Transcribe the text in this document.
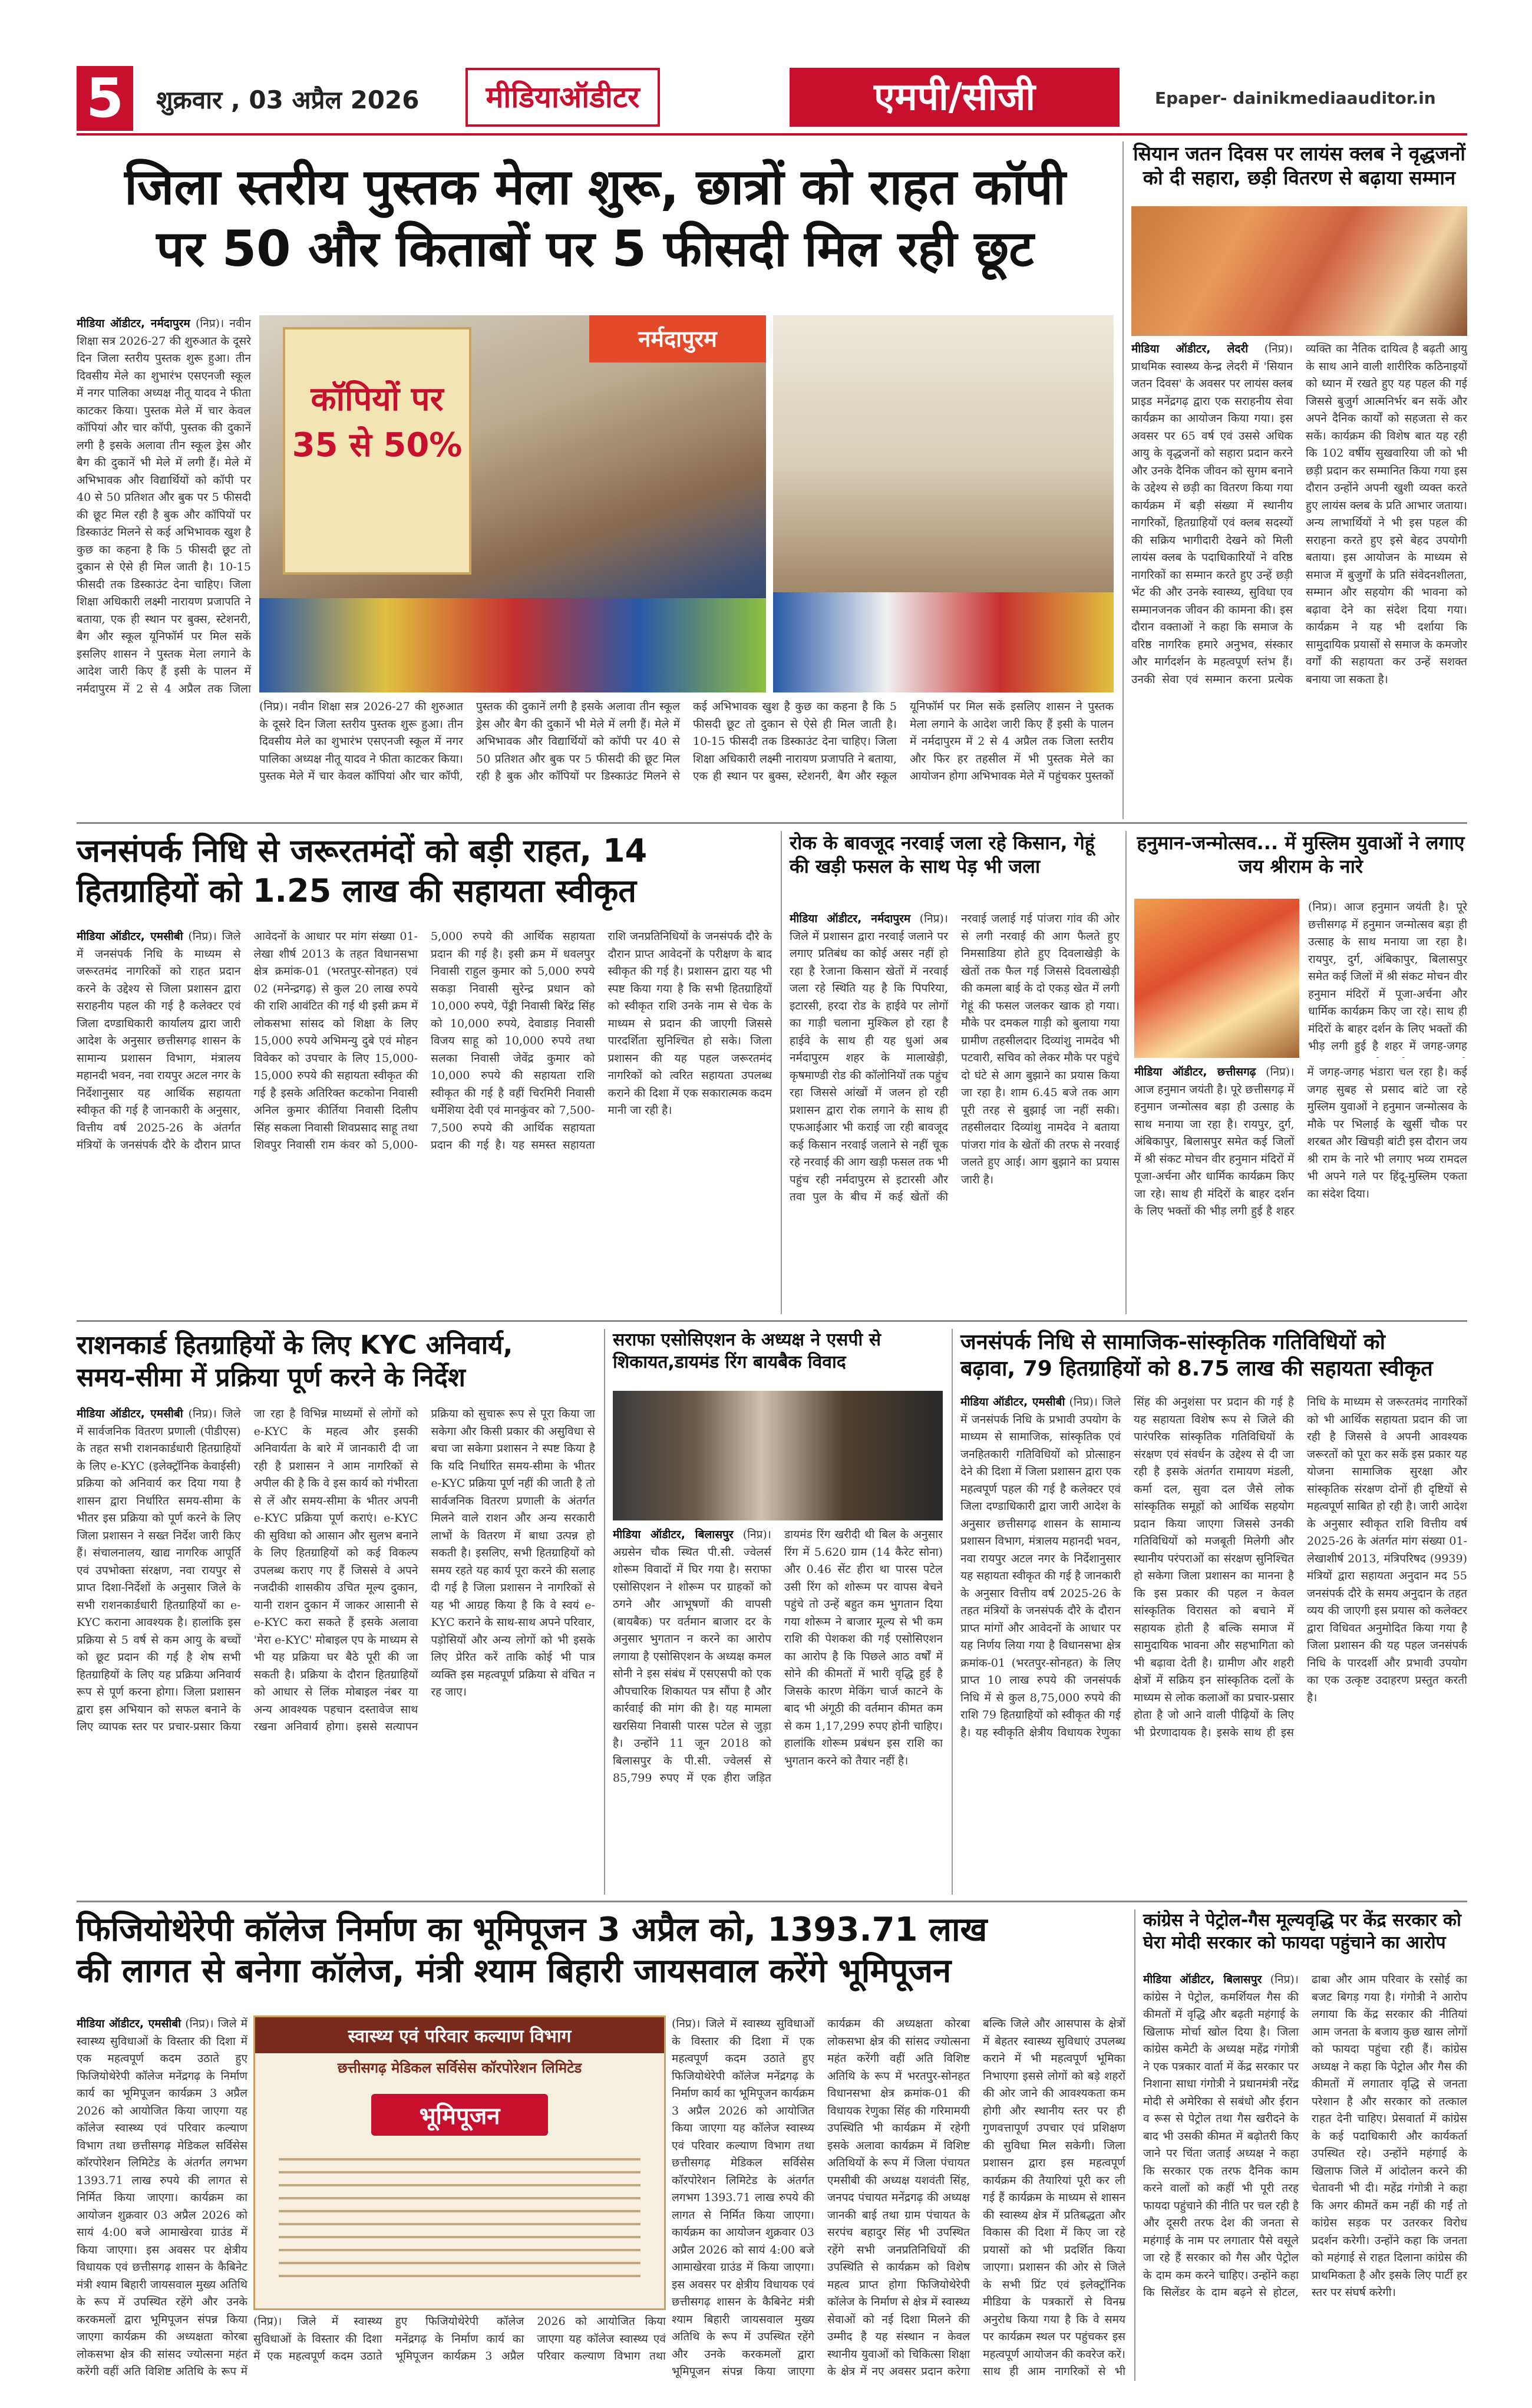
5	शुक्रवार , 03 अप्रैल 2026	मीडियाऑडीटर	एमपी/सीजी	Epaper- dainikmediaauditor.in
जिला स्तरीय पुस्तक मेला शुरू, छात्रों को राहत कॉपी
पर 50 और किताबों पर 5 फीसदी मिल रही छूट
कॉपियों पर 35 से 50%
नर्मदापुरम
मीडिया ऑडीटर, नर्मदापुरम (निप्र)। नवीन शिक्षा सत्र 2026-27 की शुरुआत के दूसरे दिन जिला स्तरीय पुस्तक शुरू हुआ। तीन दिवसीय मेले का शुभारंभ एसएनजी स्कूल में नगर पालिका अध्यक्ष नीतू यादव ने फीता काटकर किया। पुस्तक मेले में चार केवल कॉपियां और चार कॉपी, पुस्तक की दुकानें लगी है इसके अलावा तीन स्कूल ड्रेस और बैग की दुकानें भी मेले में लगी हैं। मेले में अभिभावक और विद्यार्थियों को कॉपी पर 40 से 50 प्रतिशत और बुक पर 5 फीसदी की छूट मिल रही है बुक और कॉपियों पर डिस्काउंट मिलने से कई अभिभावक खुश है कुछ का कहना है कि 5 फीसदी छूट तो दुकान से ऐसे ही मिल जाती है। 10-15 फीसदी तक डिस्काउंट देना चाहिए। जिला शिक्षा अधिकारी लक्ष्मी नारायण प्रजापति ने बताया, एक ही स्थान पर बुक्स, स्टेशनरी, बैग और स्कूल यूनिफॉर्म पर मिल सकें इसलिए शासन ने पुस्तक मेला लगाने के आदेश जारी किए हैं इसी के पालन में नर्मदापुरम में 2 से 4 अप्रैल तक जिला
(निप्र)। नवीन शिक्षा सत्र 2026-27 की शुरुआत के दूसरे दिन जिला स्तरीय पुस्तक शुरू हुआ। तीन दिवसीय मेले का शुभारंभ एसएनजी स्कूल में नगर पालिका अध्यक्ष नीतू यादव ने फीता काटकर किया। पुस्तक मेले में चार केवल कॉपियां और चार कॉपी, पुस्तक की दुकानें लगी है इसके अलावा तीन स्कूल ड्रेस और बैग की दुकानें भी मेले में लगी हैं। मेले में अभिभावक और विद्यार्थियों को कॉपी पर 40 से 50 प्रतिशत और बुक पर 5 फीसदी की छूट मिल रही है बुक और कॉपियों पर डिस्काउंट मिलने से कई अभिभावक खुश है कुछ का कहना है कि 5 फीसदी छूट तो दुकान से ऐसे ही मिल जाती है। 10-15 फीसदी तक डिस्काउंट देना चाहिए। जिला शिक्षा अधिकारी लक्ष्मी नारायण प्रजापति ने बताया, एक ही स्थान पर बुक्स, स्टेशनरी, बैग और स्कूल यूनिफॉर्म पर मिल सकें इसलिए शासन ने पुस्तक मेला लगाने के आदेश जारी किए हैं इसी के पालन में नर्मदापुरम में 2 से 4 अप्रैल तक जिला स्तरीय और फिर हर तहसील में भी पुस्तक मेले का आयोजन होगा अभिभावक मेले में पहुंचकर पुस्तकों
सियान जतन दिवस पर लायंस क्लब ने वृद्धजनों को दी सहारा, छड़ी वितरण से बढ़ाया सम्मान
मीडिया ऑडीटर, लेदरी (निप्र)। प्राथमिक स्वास्थ्य केन्द्र लेदरी में 'सियान जतन दिवस' के अवसर पर लायंस क्लब प्राइड मनेंद्रगढ़ द्वारा एक सराहनीय सेवा कार्यक्रम का आयोजन किया गया। इस अवसर पर 65 वर्ष एवं उससे अधिक आयु के वृद्धजनों को सहारा प्रदान करने और उनके दैनिक जीवन को सुगम बनाने के उद्देश्य से छड़ी का वितरण किया गया कार्यक्रम में बड़ी संख्या में स्थानीय नागरिकों, हितग्राहियों एवं क्लब सदस्यों की सक्रिय भागीदारी देखने को मिली लायंस क्लब के पदाधिकारियों ने वरिष्ठ नागरिकों का सम्मान करते हुए उन्हें छड़ी भेंट की और उनके स्वास्थ्य, सुविधा एव सम्मानजनक जीवन की कामना की। इस दौरान वक्ताओं ने कहा कि समाज के वरिष्ठ नागरिक हमारे अनुभव, संस्कार और मार्गदर्शन के महत्वपूर्ण स्तंभ हैं। उनकी सेवा एवं सम्मान करना प्रत्येक व्यक्ति का नैतिक दायित्व है बढ़ती आयु के साथ आने वाली शारीरिक कठिनाइयों को ध्यान में रखते हुए यह पहल की गई जिससे बुजुर्ग आत्मनिर्भर बन सकें और अपने दैनिक कार्यों को सहजता से कर सकें। कार्यक्रम की विशेष बात यह रही कि 102 वर्षीय सुखवारिया जी को भी छड़ी प्रदान कर सम्मानित किया गया इस दौरान उन्होंने अपनी खुशी व्यक्त करते हुए लायंस क्लब के प्रति आभार जताया। अन्य लाभार्थियों ने भी इस पहल की सराहना करते हुए इसे बेहद उपयोगी बताया। इस आयोजन के माध्यम से समाज में बुजुर्गों के प्रति संवेदनशीलता, सम्मान और सहयोग की भावना को बढ़ावा देने का संदेश दिया गया। कार्यक्रम ने यह भी दर्शाया कि सामुदायिक प्रयासों से समाज के कमजोर वर्गों की सहायता कर उन्हें सशक्त बनाया जा सकता है।
जनसंपर्क निधि से जरूरतमंदों को बड़ी राहत, 14
हितग्राहियों को 1.25 लाख की सहायता स्वीकृत
मीडिया ऑडीटर, एमसीबी (निप्र)। जिले में जनसंपर्क निधि के माध्यम से जरूरतमंद नागरिकों को राहत प्रदान करने के उद्देश्य से जिला प्रशासन द्वारा सराहनीय पहल की गई है कलेक्टर एवं जिला दण्डाधिकारी कार्यालय द्वारा जारी आदेश के अनुसार छत्तीसगढ़ शासन के सामान्य प्रशासन विभाग, मंत्रालय महानदी भवन, नवा रायपुर अटल नगर के निर्देशानुसार यह आर्थिक सहायता स्वीकृत की गई है जानकारी के अनुसार, वित्तीय वर्ष 2025-26 के अंतर्गत मंत्रियों के जनसंपर्क दौरे के दौरान प्राप्त आवेदनों के आधार पर मांग संख्या 01- लेखा शीर्ष 2013 के तहत विधानसभा क्षेत्र क्रमांक-01 (भरतपुर-सोनहत) एवं 02 (मनेन्द्रगढ़) से कुल 20 लाख रुपये की राशि आवंटित की गई थी इसी क्रम में लोकसभा सांसद को शिक्षा के लिए 15,000 रुपये अभिमन्यु दुबे एवं मोहन विवेकर को उपचार के लिए 15,000-15,000 रुपये की सहायता स्वीकृत की गई है इसके अतिरिक्त कटकोना निवासी अनिल कुमार कीर्तिया निवासी दिलीप सिंह सकला निवासी शिवप्रसाद साहू तथा शिवपुर निवासी राम कंवर को 5,000-5,000 रुपये की आर्थिक सहायता प्रदान की गई है। इसी क्रम में धवलपुर निवासी राहुल कुमार को 5,000 रुपये सकड़ा निवासी सुरेन्द्र प्रधान को 10,000 रुपये, पेंड्री निवासी बिरेंद्र सिंह को 10,000 रुपये, देवाडाड़ निवासी विजय साहू को 10,000 रुपये तथा सलका निवासी जेवेंद्र कुमार को 10,000 रुपये की सहायता राशि स्वीकृत की गई है वहीं चिरमिरी निवासी धर्मेशिया देवी एवं मानकुंवर को 7,500-7,500 रुपये की आर्थिक सहायता प्रदान की गई है। यह समस्त सहायता राशि जनप्रतिनिधियों के जनसंपर्क दौरे के दौरान प्राप्त आवेदनों के परीक्षण के बाद स्वीकृत की गई है। प्रशासन द्वारा यह भी स्पष्ट किया गया है कि सभी हितग्राहियों को स्वीकृत राशि उनके नाम से चेक के माध्यम से प्रदान की जाएगी जिससे पारदर्शिता सुनिश्चित हो सके। जिला प्रशासन की यह पहल जरूरतमंद नागरिकों को त्वरित सहायता उपलब्ध कराने की दिशा में एक सकारात्मक कदम मानी जा रही है।
रोक के बावजूद नरवाई जला रहे किसान, गेहूं की खड़ी फसल के साथ पेड़ भी जला
मीडिया ऑडीटर, नर्मदापुरम (निप्र)। जिले में प्रशासन द्वारा नरवाई जलाने पर लगाए प्रतिबंध का कोई असर नहीं हो रहा है रेजाना किसान खेतों में नरवाई जला रहे स्थिति यह है कि पिपरिया, इटारसी, हरदा रोड के हाईवे पर लोगों का गाड़ी चलाना मुश्किल हो रहा है हाईवे के साथ ही यह धुआं अब नर्मदापुरम शहर के मालाखेड़ी, कृषमाण्डी रोड की कॉलोनियों तक पहुंच रहा जिससे आंखों में जलन हो रही प्रशासन द्वारा रोक लगाने के साथ ही एफआईआर भी कराई जा रही बावजूद कई किसान नरवाई जलाने से नहीं चूक रहे नरवाई की आग खड़ी फसल तक भी पहुंच रही नर्मदापुरम से इटारसी और तवा पुल के बीच में कई खेतों की नरवाई जलाई गई पांजरा गांव की ओर से लगी नरवाई की आग फैलते हुए निमसाडिया होते हुए दिवलाखेड़ी के खेतों तक फैल गई जिससे दिवलाखेड़ी की कमला बाई के दो एकड़ खेत में लगी गेहूं की फसल जलकर खाक हो गया। मौके पर दमकल गाड़ी को बुलाया गया ग्रामीण तहसीलदार दिव्यांशु नामदेव भी पटवारी, सचिव को लेकर मौके पर पहुंचे दो घंटे से आग बुझाने का प्रयास किया जा रहा है। शाम 6.45 बजे तक आग पूरी तरह से बुझाई जा नहीं सकी। तहसीलदार दिव्यांशु नामदेव ने बताया पांजरा गांव के खेतों की तरफ से नरवाई जलते हुए आई। आग बुझाने का प्रयास जारी है।
हनुमान-जन्मोत्सव... में मुस्लिम युवाओं ने लगाए जय श्रीराम के नारे
(निप्र)। आज हनुमान जयंती है। पूरे छत्तीसगढ़ में हनुमान जन्मोत्सव बड़ा ही उत्साह के साथ मनाया जा रहा है। रायपुर, दुर्ग, अंबिकापुर, बिलासपुर समेत कई जिलों में श्री संकट मोचन वीर हनुमान मंदिरों में पूजा-अर्चना और धार्मिक कार्यक्रम किए जा रहे। साथ ही मंदिरों के बाहर दर्शन के लिए भक्तों की भीड़ लगी हुई है शहर में जगह-जगह
मीडिया ऑडीटर, छत्तीसगढ़ (निप्र)। आज हनुमान जयंती है। पूरे छत्तीसगढ़ में हनुमान जन्मोत्सव बड़ा ही उत्साह के साथ मनाया जा रहा है। रायपुर, दुर्ग, अंबिकापुर, बिलासपुर समेत कई जिलों में श्री संकट मोचन वीर हनुमान मंदिरों में पूजा-अर्चना और धार्मिक कार्यक्रम किए जा रहे। साथ ही मंदिरों के बाहर दर्शन के लिए भक्तों की भीड़ लगी हुई है शहर में जगह-जगह भंडारा चल रहा है। कई जगह सुबह से प्रसाद बांटे जा रहे मुस्लिम युवाओं ने हनुमान जन्मोत्सव के मौके पर भिलाई के खुर्सी चौक पर शरबत और खिचड़ी बांटी इस दौरान जय श्री राम के नारे भी लगाए भव्य रामदल भी अपने गले पर हिंदू-मुस्लिम एकता का संदेश दिया।
राशनकार्ड हितग्राहियों के लिए KYC अनिवार्य,
समय-सीमा में प्रक्रिया पूर्ण करने के निर्देश
मीडिया ऑडीटर, एमसीबी (निप्र)। जिले में सार्वजनिक वितरण प्रणाली (पीडीएस) के तहत सभी राशनकार्डधारी हितग्राहियों के लिए e-KYC (इलेक्ट्रॉनिक केवाईसी) प्रक्रिया को अनिवार्य कर दिया गया है शासन द्वारा निर्धारित समय-सीमा के भीतर इस प्रक्रिया को पूर्ण करने के लिए जिला प्रशासन ने सख्त निर्देश जारी किए हैं। संचालनालय, खाद्य नागरिक आपूर्ति एवं उपभोक्ता संरक्षण, नवा रायपुर से प्राप्त दिशा-निर्देशों के अनुसार जिले के सभी राशनकार्डधारी हितग्राहियों का e-KYC कराना आवश्यक है। हालांकि इस प्रक्रिया से 5 वर्ष से कम आयु के बच्चों को छूट प्रदान की गई है शेष सभी हितग्राहियों के लिए यह प्रक्रिया अनिवार्य रूप से पूर्ण करना होगा। जिला प्रशासन द्वारा इस अभियान को सफल बनाने के लिए व्यापक स्तर पर प्रचार-प्रसार किया जा रहा है विभिन्न माध्यमों से लोगों को e-KYC के महत्व और इसकी अनिवार्यता के बारे में जानकारी दी जा रही है प्रशासन ने आम नागरिकों से अपील की है कि वे इस कार्य को गंभीरता से लें और समय-सीमा के भीतर अपनी e-KYC प्रक्रिया पूर्ण कराएं। e-KYC की सुविधा को आसान और सुलभ बनाने के लिए हितग्राहियों को कई विकल्प उपलब्ध कराए गए हैं जिससे वे अपने नजदीकी शासकीय उचित मूल्य दुकान, यानी राशन दुकान में जाकर आसानी से e-KYC करा सकते हैं इसके अलावा 'मेरा e-KYC' मोबाइल एप के माध्यम से भी यह प्रक्रिया घर बैठे पूरी की जा सकती है। प्रक्रिया के दौरान हितग्राहियों को आधार से लिंक मोबाइल नंबर या अन्य आवश्यक पहचान दस्तावेज साथ रखना अनिवार्य होगा। इससे सत्यापन प्रक्रिया को सुचारू रूप से पूरा किया जा सकेगा और किसी प्रकार की असुविधा से बचा जा सकेगा प्रशासन ने स्पष्ट किया है कि यदि निर्धारित समय-सीमा के भीतर e-KYC प्रक्रिया पूर्ण नहीं की जाती है तो सार्वजनिक वितरण प्रणाली के अंतर्गत मिलने वाले राशन और अन्य सरकारी लाभों के वितरण में बाधा उत्पन्न हो सकती है। इसलिए, सभी हितग्राहियों को समय रहते यह कार्य पूरा करने की सलाह दी गई है जिला प्रशासन ने नागरिकों से यह भी आग्रह किया है कि वे स्वयं e-KYC कराने के साथ-साथ अपने परिवार, पड़ोसियों और अन्य लोगों को भी इसके लिए प्रेरित करें ताकि कोई भी पात्र व्यक्ति इस महत्वपूर्ण प्रक्रिया से वंचित न रह जाए।
सराफा एसोसिएशन के अध्यक्ष ने एसपी से शिकायत,डायमंड रिंग बायबैक विवाद
मीडिया ऑडीटर, बिलासपुर (निप्र)। अग्रसेन चौक स्थित पी.सी. ज्वेलर्स शोरूम विवादों में घिर गया है। सराफा एसोसिएशन ने शोरूम पर ग्राहकों को ठगने और आभूषणों की वापसी (बायबैक) पर वर्तमान बाजार दर के अनुसार भुगतान न करने का आरोप लगाया है एसोसिएशन के अध्यक्ष कमल सोनी ने इस संबंध में एसएसपी को एक औपचारिक शिकायत पत्र सौंपा है और कार्रवाई की मांग की है। यह मामला खरसिया निवासी पारस पटेल से जुड़ा है। उन्होंने 11 जून 2018 को बिलासपुर के पी.सी. ज्वेलर्स से 85,799 रुपए में एक हीरा जड़ित डायमंड रिंग खरीदी थी बिल के अनुसार रिंग में 5.620 ग्राम (14 कैरेट सोना) और 0.46 सेंट हीरा था पारस पटेल उसी रिंग को शोरूम पर वापस बेचने पहुंचे तो उन्हें बहुत कम भुगतान दिया गया शोरूम ने बाजार मूल्य से भी कम राशि की पेशकश की गई एसोसिएशन का आरोप है कि पिछले आठ वर्षों में सोने की कीमतों में भारी वृद्धि हुई है जिसके कारण मेकिंग चार्ज काटने के बाद भी अंगूठी की वर्तमान कीमत कम से कम 1,17,299 रुपए होनी चाहिए। हालांकि शोरूम प्रबंधन इस राशि का भुगतान करने को तैयार नहीं है।
जनसंपर्क निधि से सामाजिक-सांस्कृतिक गतिविधियों को
बढ़ावा, 79 हितग्राहियों को 8.75 लाख की सहायता स्वीकृत
मीडिया ऑडीटर, एमसीबी (निप्र)। जिले में जनसंपर्क निधि के प्रभावी उपयोग के माध्यम से सामाजिक, सांस्कृतिक एवं जनहितकारी गतिविधियों को प्रोत्साहन देने की दिशा में जिला प्रशासन द्वारा एक महत्वपूर्ण पहल की गई है कलेक्टर एवं जिला दण्डाधिकारी द्वारा जारी आदेश के अनुसार छत्तीसगढ़ शासन के सामान्य प्रशासन विभाग, मंत्रालय महानदी भवन, नवा रायपुर अटल नगर के निर्देशानुसार यह सहायता स्वीकृत की गई है जानकारी के अनुसार वित्तीय वर्ष 2025-26 के तहत मंत्रियों के जनसंपर्क दौरे के दौरान प्राप्त मांगों और आवेदनों के आधार पर यह निर्णय लिया गया है विधानसभा क्षेत्र क्रमांक-01 (भरतपुर-सोनहत) के लिए प्राप्त 10 लाख रुपये की जनसंपर्क निधि में से कुल 8,75,000 रुपये की राशि 79 हितग्राहियों को स्वीकृत की गई है। यह स्वीकृति क्षेत्रीय विधायक रेणुका सिंह की अनुशंसा पर प्रदान की गई है यह सहायता विशेष रूप से जिले की पारंपरिक सांस्कृतिक गतिविधियों के संरक्षण एवं संवर्धन के उद्देश्य से दी जा रही है इसके अंतर्गत रामायण मंडली, कर्मा दल, सुवा दल जैसे लोक सांस्कृतिक समूहों को आर्थिक सहयोग प्रदान किया जाएगा जिससे उनकी गतिविधियों को मजबूती मिलेगी और स्थानीय परंपराओं का संरक्षण सुनिश्चित हो सकेगा जिला प्रशासन का मानना है कि इस प्रकार की पहल न केवल सांस्कृतिक विरासत को बचाने में सहायक होती है बल्कि समाज में सामुदायिक भावना और सहभागिता को भी बढ़ावा देती है। ग्रामीण और शहरी क्षेत्रों में सक्रिय इन सांस्कृतिक दलों के माध्यम से लोक कलाओं का प्रचार-प्रसार होता है जो आने वाली पीढ़ियों के लिए भी प्रेरणादायक है। इसके साथ ही इस निधि के माध्यम से जरूरतमंद नागरिकों को भी आर्थिक सहायता प्रदान की जा रही है जिससे वे अपनी आवश्यक जरूरतों को पूरा कर सकें इस प्रकार यह योजना सामाजिक सुरक्षा और सांस्कृतिक संरक्षण दोनों ही दृष्टियों से महत्वपूर्ण साबित हो रही है। जारी आदेश के अनुसार स्वीकृत राशि वित्तीय वर्ष 2025-26 के अंतर्गत मांग संख्या 01-लेखाशीर्ष 2013, मंत्रिपरिषद (9939) मंत्रियों द्वारा सहायता अनुदान मद 55 जनसंपर्क दौरे के समय अनुदान के तहत व्यय की जाएगी इस प्रयास को कलेक्टर द्वारा विधिवत अनुमोदित किया गया है जिला प्रशासन की यह पहल जनसंपर्क निधि के पारदर्शी और प्रभावी उपयोग का एक उत्कृष्ट उदाहरण प्रस्तुत करती है।
फिजियोथेरेपी कॉलेज निर्माण का भूमिपूजन 3 अप्रैल को, 1393.71 लाख
की लागत से बनेगा कॉलेज, मंत्री श्याम बिहारी जायसवाल करेंगे भूमिपूजन
मीडिया ऑडीटर, एमसीबी (निप्र)। जिले में स्वास्थ्य सुविधाओं के विस्तार की दिशा में एक महत्वपूर्ण कदम उठाते हुए फिजियोथेरेपी कॉलेज मनेंद्रगढ़ के निर्माण कार्य का भूमिपूजन कार्यक्रम 3 अप्रैल 2026 को आयोजित किया जाएगा यह कॉलेज स्वास्थ्य एवं परिवार कल्याण विभाग तथा छत्तीसगढ़ मेडिकल सर्विसेस कॉरपोरेशन लिमिटेड के अंतर्गत लगभग 1393.71 लाख रुपये की लागत से निर्मित किया जाएगा। कार्यक्रम का आयोजन शुक्रवार 03 अप्रैल 2026 को सायं 4:00 बजे आमाखेरवा ग्राउंड में किया जाएगा। इस अवसर पर क्षेत्रीय विधायक एवं छत्तीसगढ़ शासन के कैबिनेट मंत्री श्याम बिहारी जायसवाल मुख्य अतिथि के रूप में उपस्थित रहेंगे और उनके करकमलों द्वारा भूमिपूजन संपन्न किया जाएगा कार्यक्रम की अध्यक्षता कोरबा लोकसभा क्षेत्र की सांसद ज्योत्सना महंत करेंगी वहीं अति विशिष्ट अतिथि के रूप में
स्वास्थ्य एवं परिवार कल्याण विभाग
छत्तीसगढ़ मेडिकल सर्विसेस कॉरपोरेशन लिमिटेड
भूमिपूजन
(निप्र)। जिले में स्वास्थ्य सुविधाओं के विस्तार की दिशा में एक महत्वपूर्ण कदम उठाते हुए फिजियोथेरेपी कॉलेज मनेंद्रगढ़ के निर्माण कार्य का भूमिपूजन कार्यक्रम 3 अप्रैल 2026 को आयोजित किया जाएगा यह कॉलेज स्वास्थ्य एवं परिवार कल्याण विभाग तथा
(निप्र)। जिले में स्वास्थ्य सुविधाओं के विस्तार की दिशा में एक महत्वपूर्ण कदम उठाते हुए फिजियोथेरेपी कॉलेज मनेंद्रगढ़ के निर्माण कार्य का भूमिपूजन कार्यक्रम 3 अप्रैल 2026 को आयोजित किया जाएगा यह कॉलेज स्वास्थ्य एवं परिवार कल्याण विभाग तथा छत्तीसगढ़ मेडिकल सर्विसेस कॉरपोरेशन लिमिटेड के अंतर्गत लगभग 1393.71 लाख रुपये की लागत से निर्मित किया जाएगा। कार्यक्रम का आयोजन शुक्रवार 03 अप्रैल 2026 को सायं 4:00 बजे आमाखेरवा ग्राउंड में किया जाएगा। इस अवसर पर क्षेत्रीय विधायक एवं छत्तीसगढ़ शासन के कैबिनेट मंत्री श्याम बिहारी जायसवाल मुख्य अतिथि के रूप में उपस्थित रहेंगे और उनके करकमलों द्वारा भूमिपूजन संपन्न किया जाएगा कार्यक्रम की अध्यक्षता कोरबा लोकसभा क्षेत्र की सांसद ज्योत्सना महंत करेंगी वहीं अति विशिष्ट अतिथि के रूप में भरतपुर-सोनहत विधानसभा क्षेत्र क्रमांक-01 की विधायक रेणुका सिंह की गरिमामयी उपस्थिति भी कार्यक्रम में रहेगी इसके अलावा कार्यक्रम में विशिष्ट अतिथियों के रूप में जिला पंचायत एमसीबी की अध्यक्ष यशवंती सिंह, जनपद पंचायत मनेंद्रगढ़ की अध्यक्ष जानकी बाई तथा ग्राम पंचायत के सरपंच बहादुर सिंह भी उपस्थित रहेंगे सभी जनप्रतिनिधियों की उपस्थिति से कार्यक्रम को विशेष महत्व प्राप्त होगा फिजियोथेरेपी कॉलेज के निर्माण से क्षेत्र में स्वास्थ्य सेवाओं को नई दिशा मिलने की उम्मीद है यह संस्थान न केवल स्थानीय युवाओं को चिकित्सा शिक्षा के क्षेत्र में नए अवसर प्रदान करेगा बल्कि जिले और आसपास के क्षेत्रों में बेहतर स्वास्थ्य सुविधाएं उपलब्ध कराने में भी महत्वपूर्ण भूमिका निभाएगा इससे लोगों को बड़े शहरों की ओर जाने की आवश्यकता कम होगी और स्थानीय स्तर पर ही गुणवत्तापूर्ण उपचार एवं प्रशिक्षण की सुविधा मिल सकेगी। जिला प्रशासन द्वारा इस महत्वपूर्ण कार्यक्रम की तैयारियां पूरी कर ली गई हैं कार्यक्रम के माध्यम से शासन की स्वास्थ्य क्षेत्र में प्रतिबद्धता और विकास की दिशा में किए जा रहे प्रयासों को भी प्रदर्शित किया जाएगा। प्रशासन की ओर से जिले के सभी प्रिंट एवं इलेक्ट्रॉनिक मीडिया के पत्रकारों से विनम्र अनुरोध किया गया है कि वे समय पर कार्यक्रम स्थल पर पहुंचकर इस महत्वपूर्ण आयोजन की कवरेज करें। साथ ही आम नागरिकों से भी
कांग्रेस ने पेट्रोल-गैस मूल्यवृद्धि पर केंद्र सरकार को घेरा मोदी सरकार को फायदा पहुंचाने का आरोप
मीडिया ऑडीटर, बिलासपुर (निप्र)। कांग्रेस ने पेट्रोल, कमर्शियल गैस की कीमतों में वृद्धि और बढ़ती महंगाई के खिलाफ मोर्चा खोल दिया है। जिला कांग्रेस कमेटी के अध्यक्ष महेंद्र गंगोत्री ने एक पत्रकार वार्ता में केंद्र सरकार पर निशाना साधा गंगोत्री ने प्रधानमंत्री नरेंद्र मोदी से अमेरिका से सबंधो और ईरान व रूस से पेट्रोल तथा गैस खरीदने के बाद भी उसकी कीमत में बढ़ोतरी किए जाने पर चिंता जताई अध्यक्ष ने कहा कि सरकार एक तरफ दैनिक काम करने वालों को कहीं भी पूरी तरह फायदा पहुंचाने की नीति पर चल रही है और दूसरी तरफ देश की जनता से महंगाई के नाम पर लगातार पैसे वसूले जा रहे हैं सरकार को गैस और पेट्रोल के दाम कम करने चाहिए। उन्होंने कहा कि सिलेंडर के दाम बढ़ने से होटल, ढाबा और आम परिवार के रसोई का बजट बिगड़ गया है। गंगोत्री ने आरोप लगाया कि केंद्र सरकार की नीतियां आम जनता के बजाय कुछ खास लोगों को फायदा पहुंचा रही हैं। कांग्रेस अध्यक्ष ने कहा कि पेट्रोल और गैस की कीमतों में लगातार वृद्धि से जनता परेशान है और सरकार को तत्काल राहत देनी चाहिए। प्रेसवार्ता में कांग्रेस के कई पदाधिकारी और कार्यकर्ता उपस्थित रहे। उन्होंने महंगाई के खिलाफ जिले में आंदोलन करने की चेतावनी भी दी। महेंद्र गंगोत्री ने कहा कि अगर कीमतें कम नहीं की गईं तो कांग्रेस सड़क पर उतरकर विरोध प्रदर्शन करेगी। उन्होंने कहा कि जनता को महंगाई से राहत दिलाना कांग्रेस की प्राथमिकता है और इसके लिए पार्टी हर स्तर पर संघर्ष करेगी।
